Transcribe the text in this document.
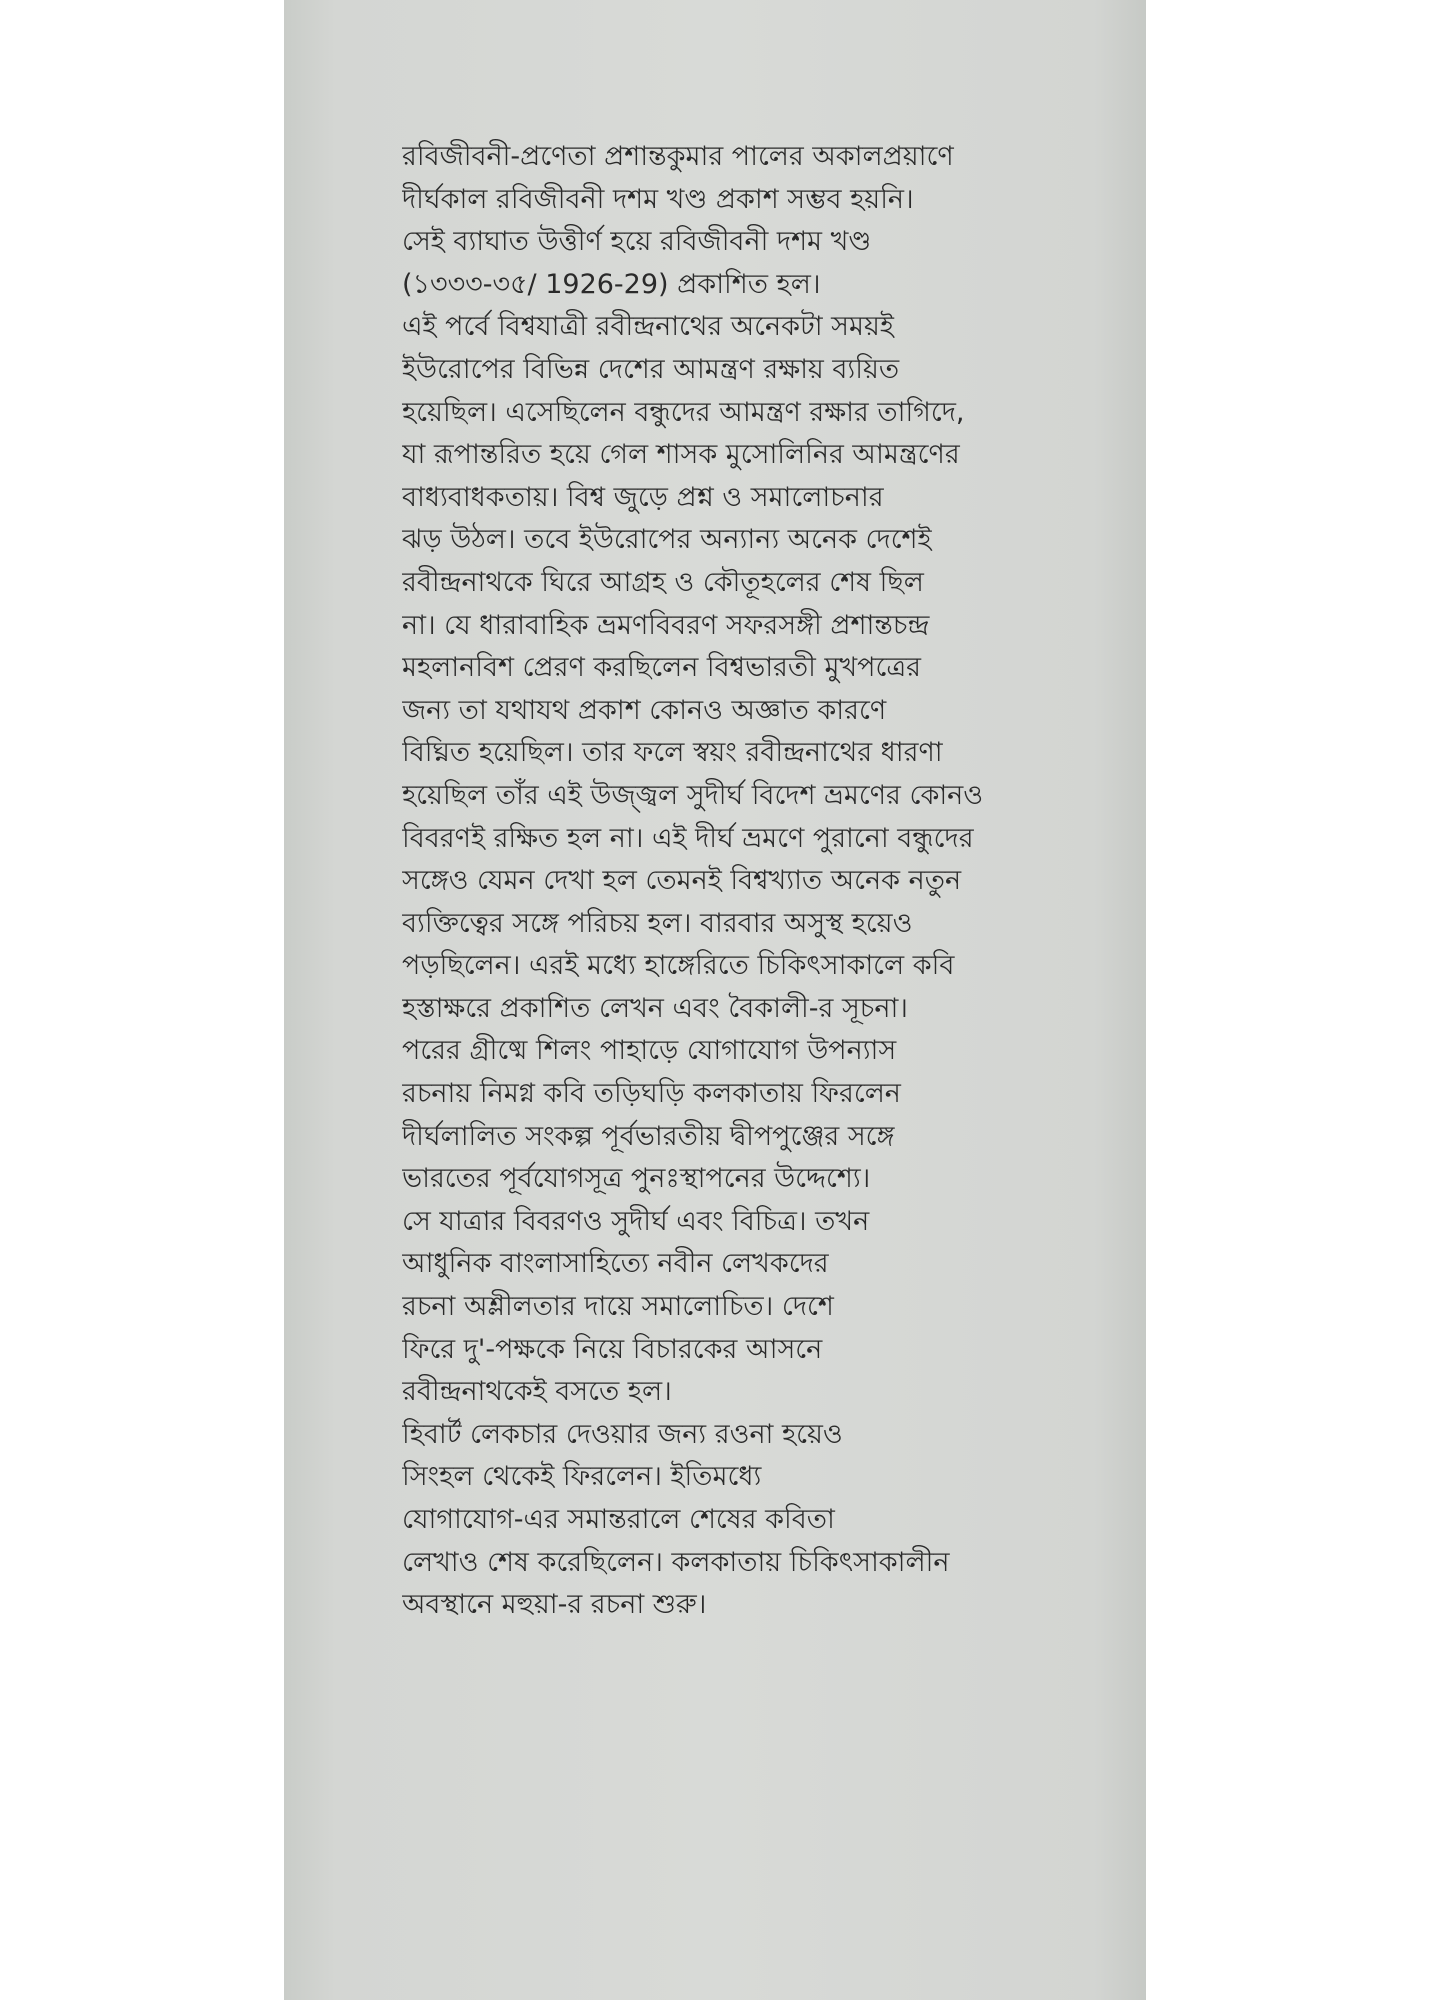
রবিজীবনী-প্রণেতা প্রশান্তকুমার পালের অকালপ্রয়াণে
দীর্ঘকাল রবিজীবনী দশম খণ্ড প্রকাশ সম্ভব হয়নি।
সেই ব্যাঘাত উত্তীর্ণ হয়ে রবিজীবনী দশম খণ্ড
(১৩৩৩-৩৫/ 1926-29) প্রকাশিত হল।
এই পর্বে বিশ্বযাত্রী রবীন্দ্রনাথের অনেকটা সময়ই
ইউরোপের বিভিন্ন দেশের আমন্ত্রণ রক্ষায় ব্যয়িত
হয়েছিল। এসেছিলেন বন্ধুদের আমন্ত্রণ রক্ষার তাগিদে,
যা রূপান্তরিত হয়ে গেল শাসক মুসোলিনির আমন্ত্রণের
বাধ্যবাধকতায়। বিশ্ব জুড়ে প্রশ্ন ও সমালোচনার
ঝড় উঠল। তবে ইউরোপের অন্যান্য অনেক দেশেই
রবীন্দ্রনাথকে ঘিরে আগ্রহ ও কৌতূহলের শেষ ছিল
না। যে ধারাবাহিক ভ্রমণবিবরণ সফরসঙ্গী প্রশান্তচন্দ্র
মহলানবিশ প্রেরণ করছিলেন বিশ্বভারতী মুখপত্রের
জন্য তা যথাযথ প্রকাশ কোনও অজ্ঞাত কারণে
বিঘ্নিত হয়েছিল। তার ফলে স্বয়ং রবীন্দ্রনাথের ধারণা
হয়েছিল তাঁর এই উজ্জ্বল সুদীর্ঘ বিদেশ ভ্রমণের কোনও
বিবরণই রক্ষিত হল না। এই দীর্ঘ ভ্রমণে পুরানো বন্ধুদের
সঙ্গেও যেমন দেখা হল তেমনই বিশ্বখ্যাত অনেক নতুন
ব্যক্তিত্বের সঙ্গে পরিচয় হল। বারবার অসুস্থ হয়েও
পড়ছিলেন। এরই মধ্যে হাঙ্গেরিতে চিকিৎসাকালে কবি
হস্তাক্ষরে প্রকাশিত লেখন এবং বৈকালী-র সূচনা।
পরের গ্রীষ্মে শিলং পাহাড়ে যোগাযোগ উপন্যাস
রচনায় নিমগ্ন কবি তড়িঘড়ি কলকাতায় ফিরলেন
দীর্ঘলালিত সংকল্প পূর্বভারতীয় দ্বীপপুঞ্জের সঙ্গে
ভারতের পূর্বযোগসূত্র পুনঃস্থাপনের উদ্দেশ্যে।
সে যাত্রার বিবরণও সুদীর্ঘ এবং বিচিত্র। তখন
আধুনিক বাংলাসাহিত্যে নবীন লেখকদের
রচনা অশ্লীলতার দায়ে সমালোচিত। দেশে
ফিরে দু'-পক্ষকে নিয়ে বিচারকের আসনে
রবীন্দ্রনাথকেই বসতে হল।
হিবার্ট লেকচার দেওয়ার জন্য রওনা হয়েও
সিংহল থেকেই ফিরলেন। ইতিমধ্যে
যোগাযোগ-এর সমান্তরালে শেষের কবিতা
লেখাও শেষ করেছিলেন। কলকাতায় চিকিৎসাকালীন
অবস্থানে মহুয়া-র রচনা শুরু।
